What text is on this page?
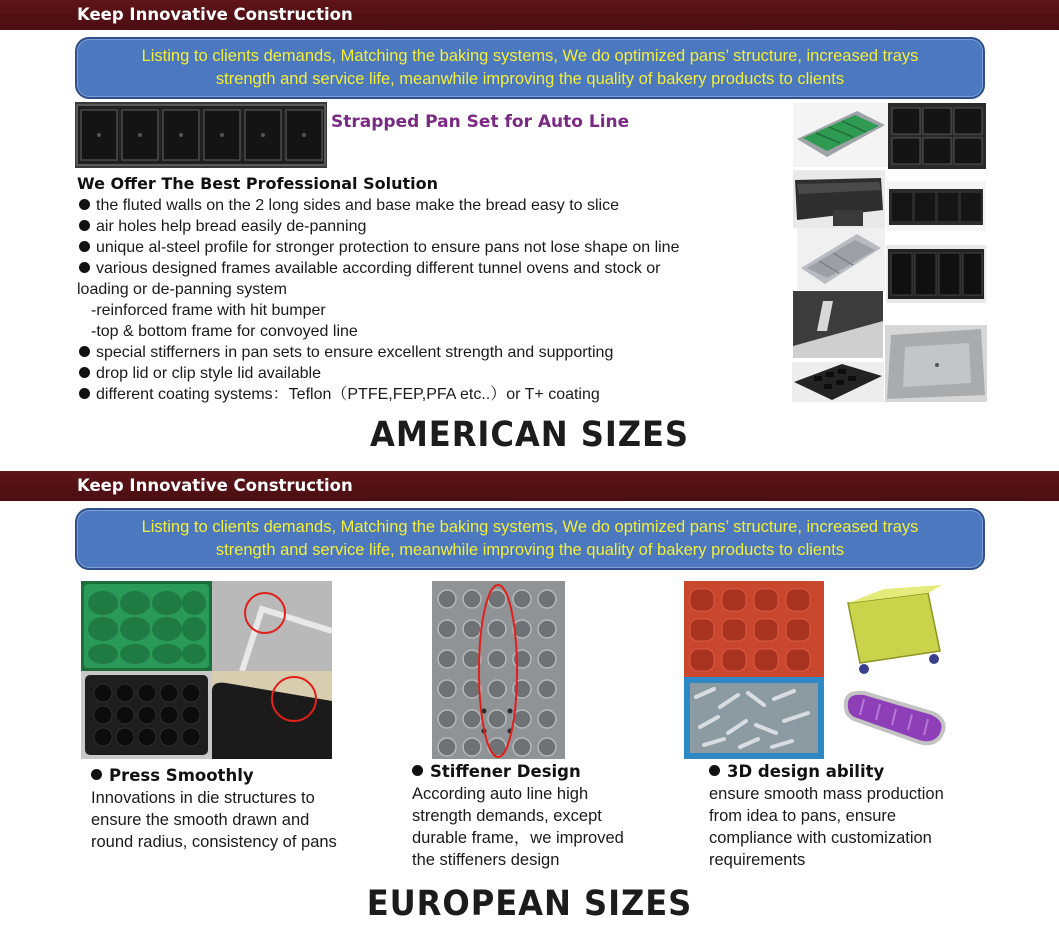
Keep Innovative Construction
Listing to clients demands, Matching the baking systems, We do optimized pans’ structure, increased trays
strength and service life, meanwhile improving the quality of bakery products to clients
Strapped Pan Set for Auto Line
We Offer The Best Professional Solution
the fluted walls on the 2 long sides and base make the bread easy to slice
air holes help bread easily de-panning
unique al-steel profile for stronger protection to ensure pans not lose shape on line
various designed frames available according different tunnel ovens and stock or
loading or de-panning system
-reinforced frame with hit bumper
-top & bottom frame for convoyed line
special stifferners in pan sets to ensure excellent strength and supporting
drop lid or clip style lid available
different coating systems：Teflon（PTFE,FEP,PFA etc..）or T+ coating
AMERICAN SIZES
Keep Innovative Construction
Listing to clients demands, Matching the baking systems, We do optimized pans’ structure, increased trays
strength and service life, meanwhile improving the quality of bakery products to clients
Press Smoothly
Innovations in die structures to
ensure the smooth drawn and
round radius, consistency of pans
Stiffener Design
According auto line high
strength demands, except
durable frame，we improved
the stiffeners design
3D design ability
ensure smooth mass production
from idea to pans, ensure
compliance with customization
requirements
EUROPEAN SIZES
